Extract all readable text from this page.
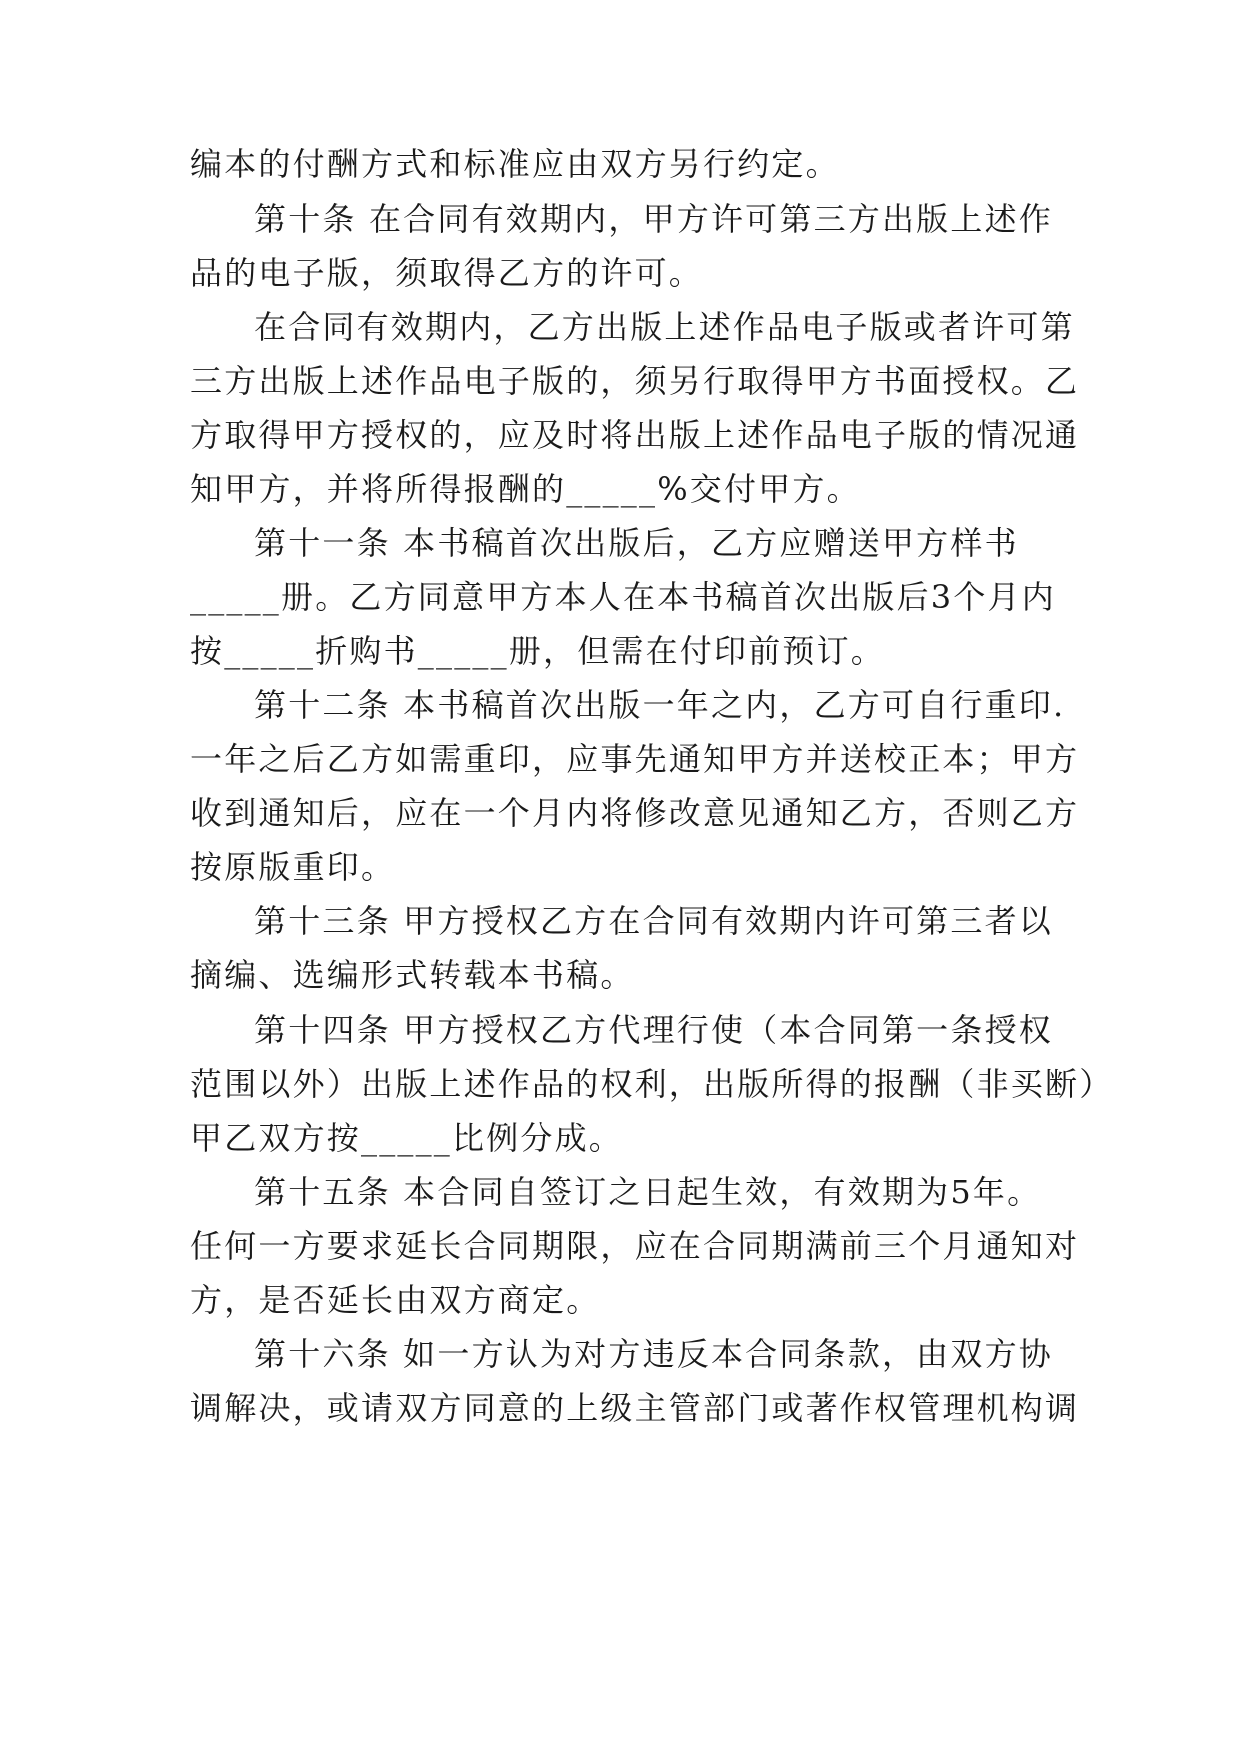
编本的付酬方式和标准应由双方另行约定。
第十条 在合同有效期内，甲方许可第三方出版上述作
品的电子版，须取得乙方的许可。
在合同有效期内，乙方出版上述作品电子版或者许可第
三方出版上述作品电子版的，须另行取得甲方书面授权。乙
方取得甲方授权的，应及时将出版上述作品电子版的情况通
知甲方，并将所得报酬的_____%交付甲方。
第十一条 本书稿首次出版后，乙方应赠送甲方样书
_____册。乙方同意甲方本人在本书稿首次出版后3个月内
按_____折购书_____册，但需在付印前预订。
第十二条 本书稿首次出版一年之内，乙方可自行重印.
一年之后乙方如需重印，应事先通知甲方并送校正本；甲方
收到通知后，应在一个月内将修改意见通知乙方，否则乙方
按原版重印。
第十三条 甲方授权乙方在合同有效期内许可第三者以
摘编、选编形式转载本书稿。
第十四条 甲方授权乙方代理行使（本合同第一条授权
范围以外）出版上述作品的权利，出版所得的报酬（非买断）
甲乙双方按_____比例分成。
第十五条 本合同自签订之日起生效，有效期为5年。
任何一方要求延长合同期限，应在合同期满前三个月通知对
方，是否延长由双方商定。
第十六条 如一方认为对方违反本合同条款，由双方协
调解决，或请双方同意的上级主管部门或著作权管理机构调
